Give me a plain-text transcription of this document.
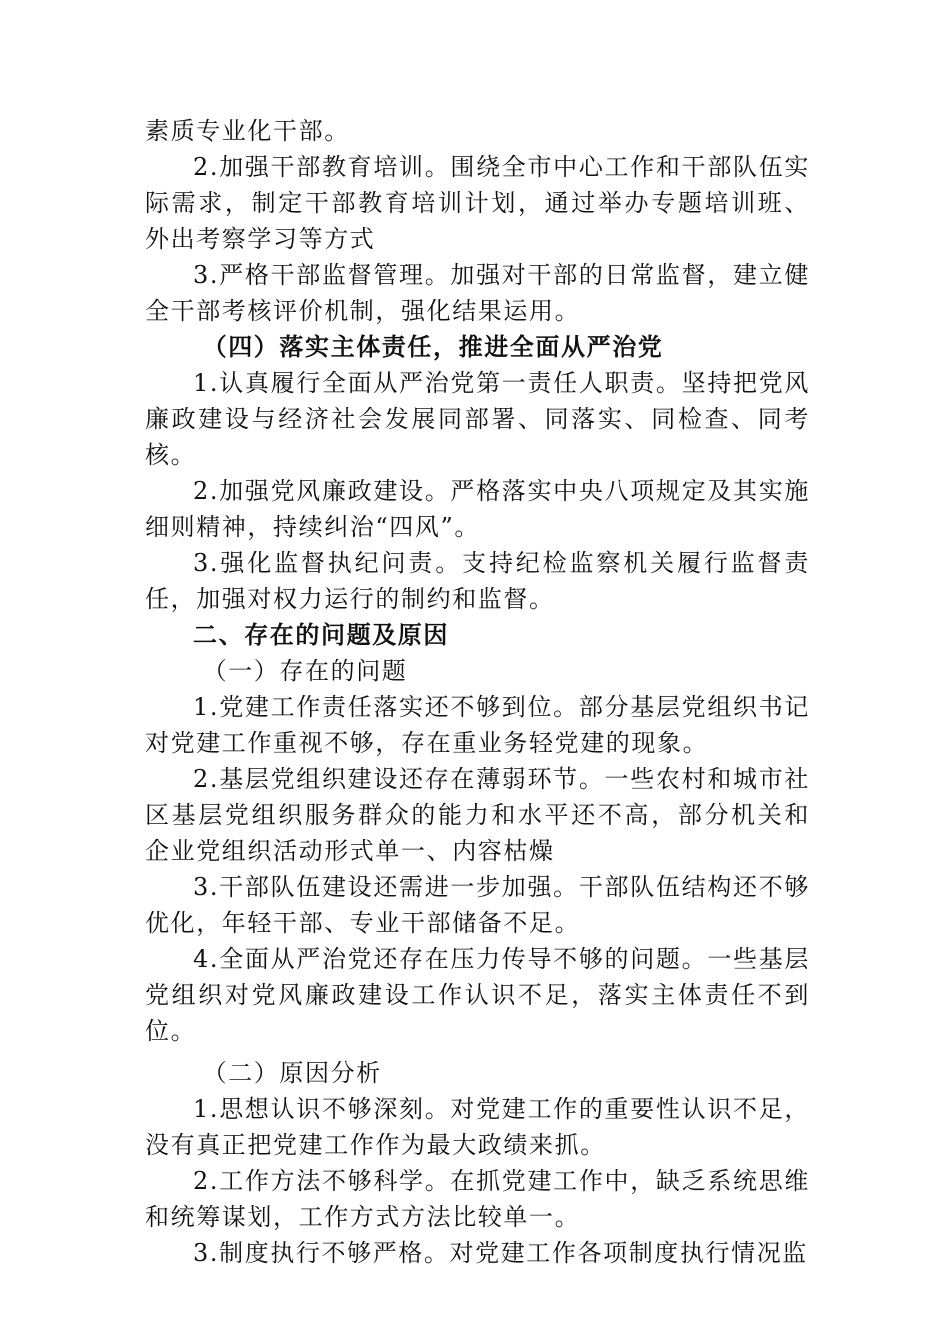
素质专业化干部。

2.加强干部教育培训。围绕全市中心工作和干部队伍实际需求，制定干部教育培训计划，通过举办专题培训班、外出考察学习等方式

3.严格干部监督管理。加强对干部的日常监督，建立健全干部考核评价机制，强化结果运用。

（四）落实主体责任，推进全面从严治党

1.认真履行全面从严治党第一责任人职责。坚持把党风廉政建设与经济社会发展同部署、同落实、同检查、同考核。

2.加强党风廉政建设。严格落实中央八项规定及其实施细则精神，持续纠治“四风”。

3.强化监督执纪问责。支持纪检监察机关履行监督责任，加强对权力运行的制约和监督。

二、存在的问题及原因

（一）存在的问题

1.党建工作责任落实还不够到位。部分基层党组织书记对党建工作重视不够，存在重业务轻党建的现象。

2.基层党组织建设还存在薄弱环节。一些农村和城市社区基层党组织服务群众的能力和水平还不高，部分机关和企业党组织活动形式单一、内容枯燥

3.干部队伍建设还需进一步加强。干部队伍结构还不够优化，年轻干部、专业干部储备不足。

4.全面从严治党还存在压力传导不够的问题。一些基层党组织对党风廉政建设工作认识不足，落实主体责任不到位。

（二）原因分析

1.思想认识不够深刻。对党建工作的重要性认识不足，没有真正把党建工作作为最大政绩来抓。

2.工作方法不够科学。在抓党建工作中，缺乏系统思维和统筹谋划，工作方式方法比较单一。

3.制度执行不够严格。对党建工作各项制度执行情况监
